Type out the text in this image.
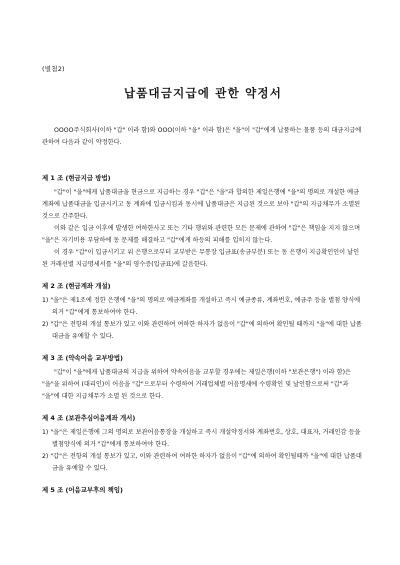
(별첨2)
납품대금지급에 관한 약정서

OOOO주식회사(이하 "갑" 이라 함)와 OOO(이하 "을" 이라 함)은 "을"이 "갑"에게 납품하는 물품 등의 대금지급에 관하여 다음과 같이 약정한다.

제 1 조 (현금지급 방법)

"갑"이 "을"에게 납품대금을 현금으로 지급하는 경우 "갑"은 "을"과 합의한 제일은행에 "을"의 명의로 개설한 예금계좌에 납품대금을 입금시키고 동 계좌에 입금시킴과 동시에 납품대금은 지급된 것으로 보아 "갑"의 지급채무가 소멸된 것으로 간주한다.

이와 같은 입금 이후에 발생한 여하한사고 또는 기타 행위와 관련한 모든 문제에 관하여 "갑"은 책임을 지지 않으며 "을"은 자기비용 부담하에 동 문제를 해결하고 "갑"에게 하등의 피해를 입히지 않는다.

이 경우 "갑"이 입금시키고 위 은행으로부터 교부받은 무통장 입금표(송금부분) 또는 동 은행이 지급확인인이 날인된 거래선별 지급명세서를 "을"의 영수증(입금표)에 갈음한다.

제 2 조 (현금계좌 개설)

1) "을"은 제1조에 정한 은행에 "을"의 명의로 예금계좌를 개설하고 즉시 예금종류, 계좌번호, 예금주 등을 별첨 양식에 의거 "갑"에게 통보하여야 한다.

2) "갑"은 전항의 개설 통보가 있고 이와 관련하여 여하한 하자가 없음이 "갑"에 의하여 확인될 때까지 "을"에 대한 납품대금을 유예할 수 있다.

제 3 조 (약속어음 교부방법)

"갑"이 "을"에게 납품대금의 지급을 위하여 약속어음을 교부할 경우에는 제일은행(이하 "보관은행") 이라 함)은 "을"을 위하여 (대리인)이 어음을 "갑"으로부터 수령하여 거래업체별 어음명세에 수령확인 및 날인함으로써 "갑"과 "을"에 대한 지급채무가 소멸 된 것으로 한다.

제 4 조 (보관추심어음계좌 개서)

1) "을"은 제일은행에 그의 명의로 보관어음통장을 개설하고 즉시 개설약정서와 계좌번호, 상호, 대표자, 거래인감 등을 별첨양식에 의거 "갑"에게 통보하여야 한다.

2) "갑"은 전항의 개설 통보가 있고, 이와 관련하여 여하한 하자가 없음이 "갑"에 의하여 확인될때까 "을"에 대한 납품대금을 유예할 수 있다.

제 5 조 (어음교부후의 책임)
